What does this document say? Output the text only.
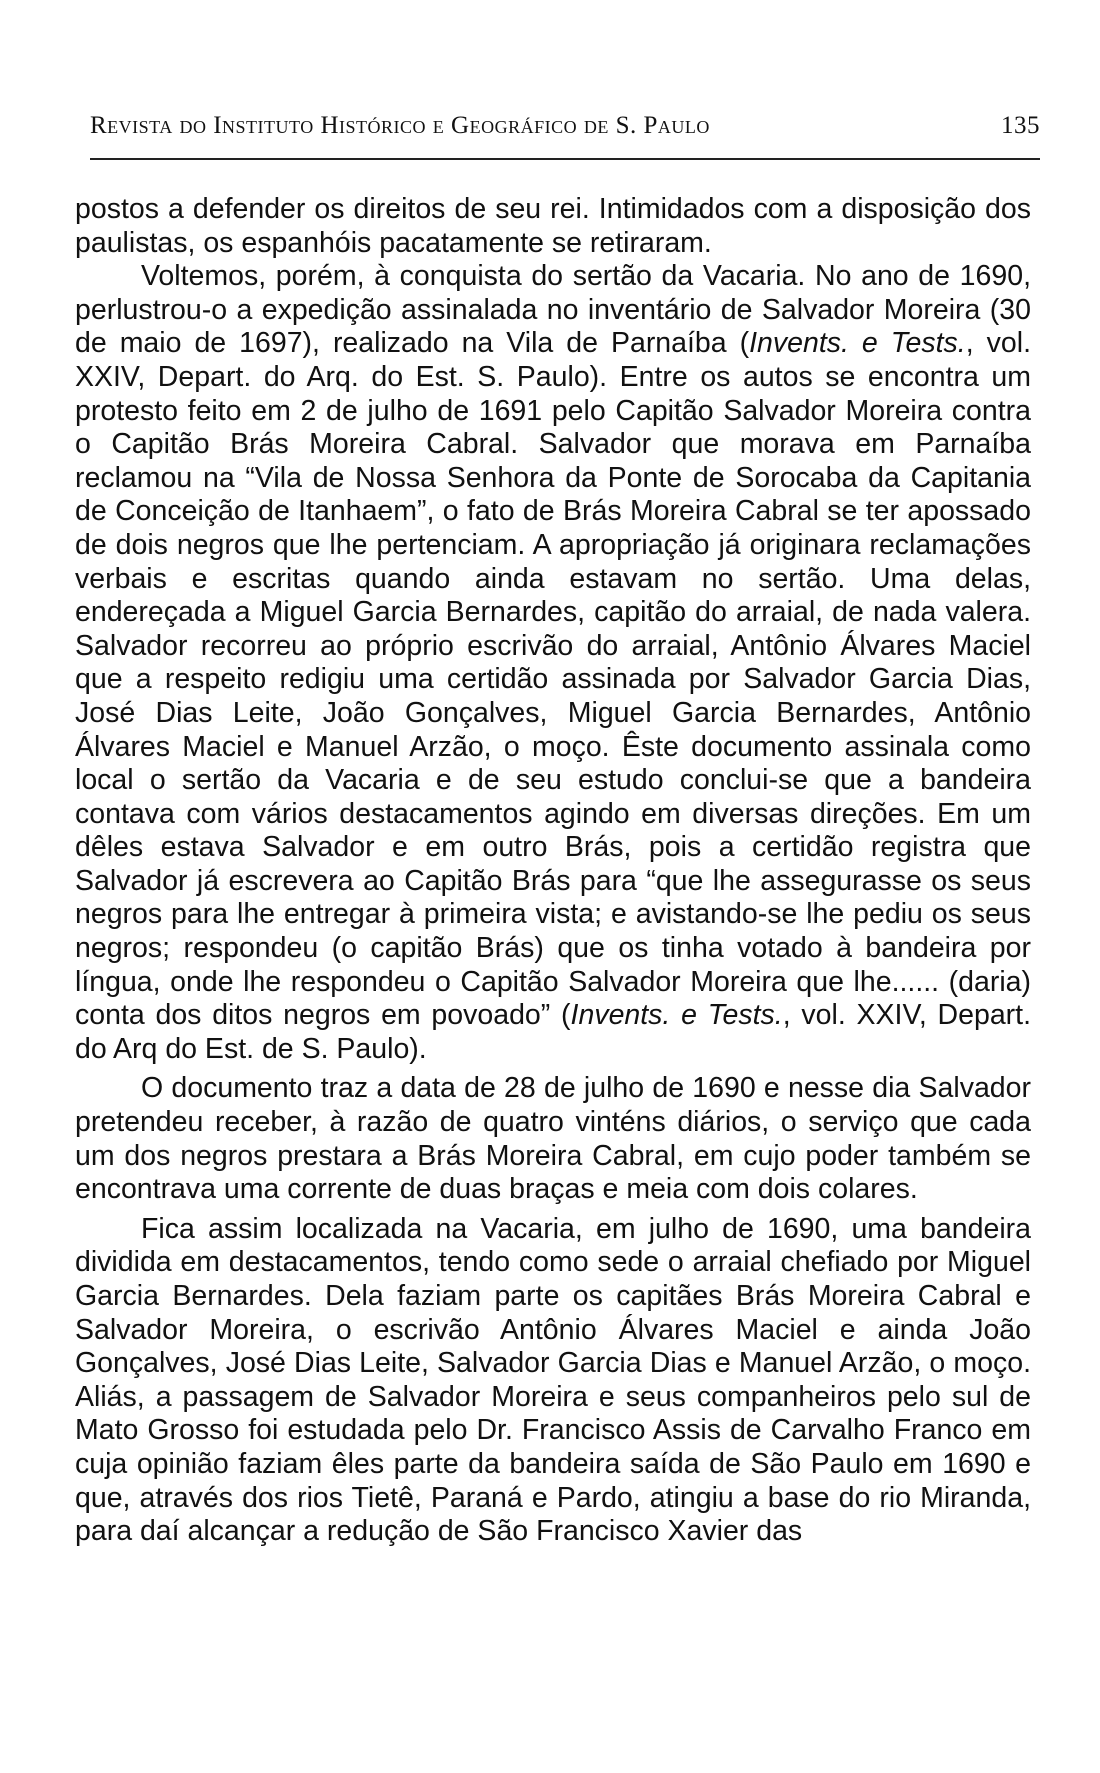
Revista do Instituto Histórico e Geográfico de S. Paulo	135

postos a defender os direitos de seu rei. Intimidados com a disposição dos paulistas, os espanhóis pacatamente se retiraram.

Voltemos, porém, à conquista do sertão da Vacaria. No ano de 1690, perlustrou-o a expedição assinalada no inventário de Salvador Moreira (30 de maio de 1697), realizado na Vila de Parnaíba (Invents. e Tests., vol. XXIV, Depart. do Arq. do Est. S. Paulo). Entre os autos se encontra um protesto feito em 2 de julho de 1691 pelo Capitão Salvador Moreira contra o Capitão Brás Moreira Cabral. Salvador que morava em Parnaíba reclamou na “Vila de Nossa Senhora da Ponte de Sorocaba da Capitania de Conceição de Itanhaem”, o fato de Brás Moreira Cabral se ter apossado de dois negros que lhe pertenciam. A apropriação já originara reclamações verbais e escritas quando ainda estavam no sertão. Uma delas, endereçada a Miguel Garcia Bernardes, capitão do arraial, de nada valera. Salvador recorreu ao próprio escrivão do arraial, Antônio Álvares Maciel que a respeito redigiu uma certidão assinada por Salvador Garcia Dias, José Dias Leite, João Gonçalves, Miguel Garcia Bernardes, Antônio Álvares Maciel e Manuel Arzão, o moço. Êste documento assinala como local o sertão da Vacaria e de seu estudo conclui-se que a bandeira contava com vários destacamentos agindo em diversas direções. Em um dêles estava Salvador e em outro Brás, pois a certidão registra que Salvador já escrevera ao Capitão Brás para “que lhe assegurasse os seus negros para lhe entregar à primeira vista; e avistando-se lhe pediu os seus negros; respondeu (o capitão Brás) que os tinha votado à bandeira por língua, onde lhe respondeu o Capitão Salvador Moreira que lhe...... (daria) conta dos ditos negros em povoado” (Invents. e Tests., vol. XXIV, Depart. do Arq do Est. de S. Paulo).

O documento traz a data de 28 de julho de 1690 e nesse dia Salvador pretendeu receber, à razão de quatro vinténs diários, o serviço que cada um dos negros prestara a Brás Moreira Cabral, em cujo poder também se encontrava uma corrente de duas braças e meia com dois colares.

Fica assim localizada na Vacaria, em julho de 1690, uma bandeira dividida em destacamentos, tendo como sede o arraial chefiado por Miguel Garcia Bernardes. Dela faziam parte os capitães Brás Moreira Cabral e Salvador Moreira, o escrivão Antônio Álvares Maciel e ainda João Gonçalves, José Dias Leite, Salvador Garcia Dias e Manuel Arzão, o moço. Aliás, a passagem de Salvador Moreira e seus companheiros pelo sul de Mato Grosso foi estudada pelo Dr. Francisco Assis de Carvalho Franco em cuja opinião faziam êles parte da bandeira saída de São Paulo em 1690 e que, através dos rios Tietê, Paraná e Pardo, atingiu a base do rio Miranda, para daí alcançar a redução de São Francisco Xavier das
